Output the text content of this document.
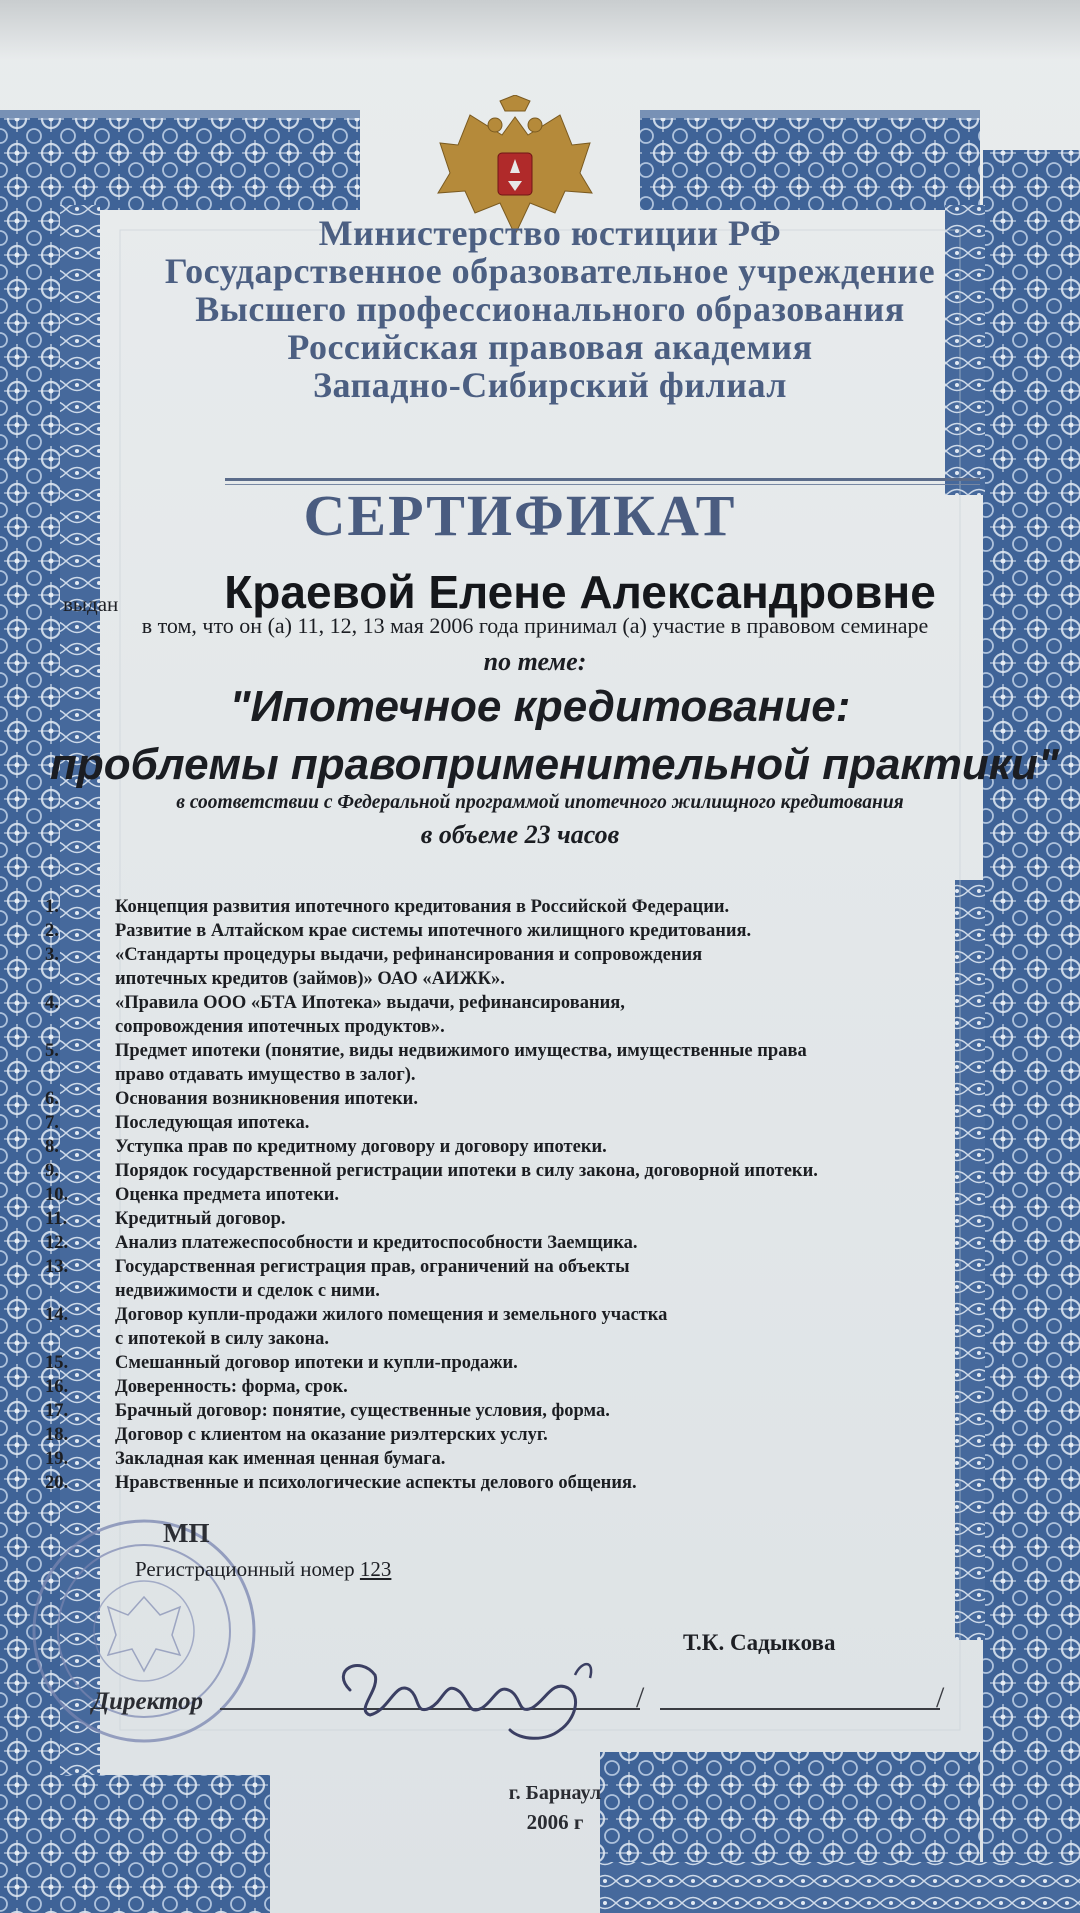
Министерство юстиции РФ
Государственное образовательное учреждение
Высшего профессионального образования
Российская правовая академия
Западно-Сибирский филиал
СЕРТИФИКАТ
выдан	Краевой Елене Александровне
в том, что он (а) 11, 12, 13 мая 2006 года принимал (а) участие в правовом семинаре
по теме:
"Ипотечное кредитование:
проблемы правоприменительной практики"
в соответствии с Федеральной программой ипотечного жилищного кредитования
в объеме 23 часов
1.	Концепция развития ипотечного кредитования в Российской Федерации.
2.	Развитие в Алтайском крае системы ипотечного жилищного кредитования.
3.	«Стандарты процедуры выдачи, рефинансирования и сопровождения
ипотечных кредитов (займов)» ОАО «АИЖК».
4.	«Правила ООО «БТА Ипотека» выдачи, рефинансирования,
сопровождения ипотечных продуктов».
5.	Предмет ипотеки (понятие, виды недвижимого имущества, имущественные права
право отдавать имущество в залог).
6.	Основания возникновения ипотеки.
7.	Последующая ипотека.
8.	Уступка прав по кредитному договору и договору ипотеки.
9.	Порядок государственной регистрации ипотеки в силу закона, договорной ипотеки.
10.	Оценка предмета ипотеки.
11.	Кредитный договор.
12.	Анализ платежеспособности и кредитоспособности Заемщика.
13.	Государственная регистрация прав, ограничений на объекты
недвижимости и сделок с ними.
14.	Договор купли-продажи жилого помещения и земельного участка
с ипотекой в силу закона.
15.	Смешанный договор ипотеки и купли-продажи.
16.	Доверенность: форма, срок.
17.	Брачный договор: понятие, существенные условия, форма.
18.	Договор с клиентом на оказание риэлтерских услуг.
19.	Закладная как именная ценная бумага.
20.	Нравственные и психологические аспекты делового общения.
МП
Регистрационный номер 123
Т.К. Садыкова
Директор	/	/
г. Барнаул
2006 г
